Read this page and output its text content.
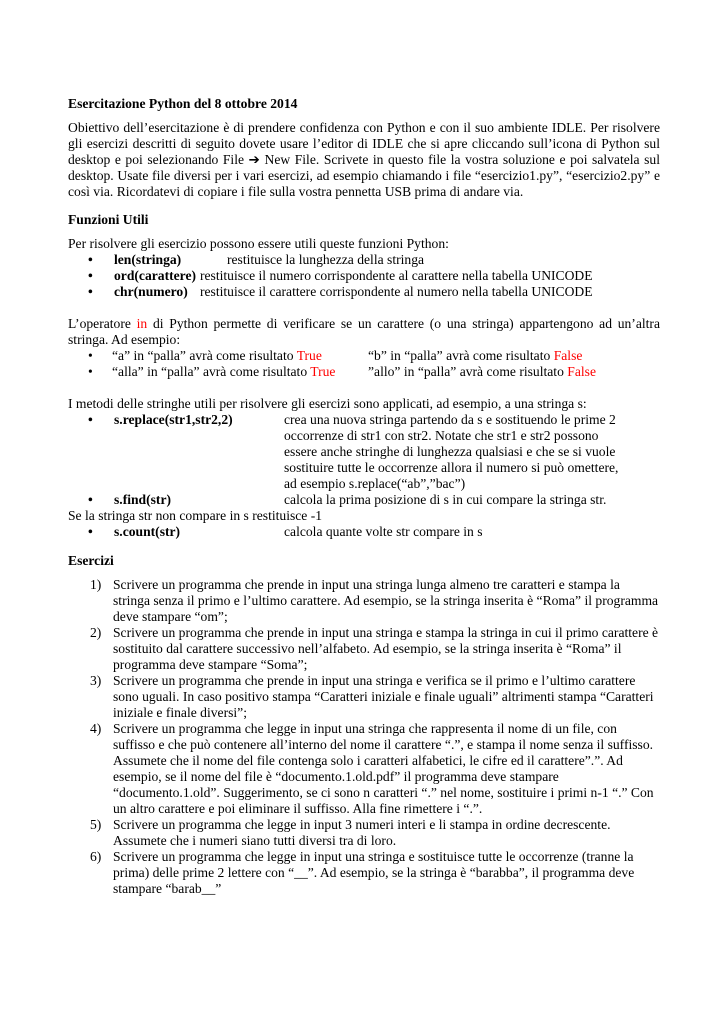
Esercitazione Python del 8 ottobre 2014

Obiettivo dell’esercitazione è di prendere confidenza con Python e con il suo ambiente IDLE. Per risolvere gli esercizi descritti di seguito dovete usare l’editor di IDLE che si apre cliccando sull’icona di Python sul desktop e poi selezionando File ➔ New File. Scrivete in questo file la vostra soluzione e poi salvatela sul desktop. Usate file diversi per i vari esercizi, ad esempio chiamando i file “esercizio1.py”, “esercizio2.py” e così via. Ricordatevi di copiare i file sulla vostra pennetta USB prima di andare via.

Funzioni Utili

Per risolvere gli esercizio possono essere utili queste funzioni Python:

• len(stringa)	restituisce la lunghezza della stringa
• ord(carattere) restituisce il numero corrispondente al carattere nella tabella UNICODE
• chr(numero) restituisce il carattere corrispondente al numero nella tabella UNICODE

L’operatore in di Python permette di verificare se un carattere (o una stringa) appartengono ad un’altra stringa. Ad esempio:

• “a” in “palla” avrà come risultato True	“b” in “palla” avrà come risultato False
• “alla” in “palla” avrà come risultato True	”allo” in “palla” avrà come risultato False

I metodi delle stringhe utili per risolvere gli esercizi sono applicati, ad esempio, a una stringa s:

• s.replace(str1,str2,2)	crea una nuova stringa partendo da s e sostituendo le prime 2 occorrenze di str1 con str2. Notate che str1 e str2 possono essere anche stringhe di lunghezza qualsiasi e che se si vuole sostituire tutte le occorrenze allora il numero si può omettere, ad esempio s.replace(“ab”,”bac”)
• s.find(str)	calcola la prima posizione di s in cui compare la stringa str.
Se la stringa str non compare in s restituisce -1
• s.count(str)	calcola quante volte str compare in s
Esercizi
1) Scrivere un programma che prende in input una stringa lunga almeno tre caratteri e stampa la stringa senza il primo e l’ultimo carattere. Ad esempio, se la stringa inserita è “Roma” il programma deve stampare “om”;
2) Scrivere un programma che prende in input una stringa e stampa la stringa in cui il primo carattere è sostituito dal carattere successivo nell’alfabeto. Ad esempio, se la stringa inserita è “Roma” il programma deve stampare “Soma”;
3) Scrivere un programma che prende in input una stringa e verifica se il primo e l’ultimo carattere sono uguali. In caso positivo stampa “Caratteri iniziale e finale uguali” altrimenti stampa “Caratteri iniziale e finale diversi”;
4) Scrivere un programma che legge in input una stringa che rappresenta il nome di un file, con suffisso e che può contenere all’interno del nome il carattere “.”, e stampa il nome senza il suffisso. Assumete che il nome del file contenga solo i caratteri alfabetici, le cifre ed il carattere”.”. Ad esempio, se il nome del file è “documento.1.old.pdf” il programma deve stampare “documento.1.old”. Suggerimento, se ci sono n caratteri “.” nel nome, sostituire i primi n-1 “.” Con un altro carattere e poi eliminare il suffisso. Alla fine rimettere i “.”.
5) Scrivere un programma che legge in input 3 numeri interi e li stampa in ordine decrescente. Assumete che i numeri siano tutti diversi tra di loro.
6) Scrivere un programma che legge in input una stringa e sostituisce tutte le occorrenze (tranne la prima) delle prime 2 lettere con “__”. Ad esempio, se la stringa è “barabba”, il programma deve stampare “barab__”
